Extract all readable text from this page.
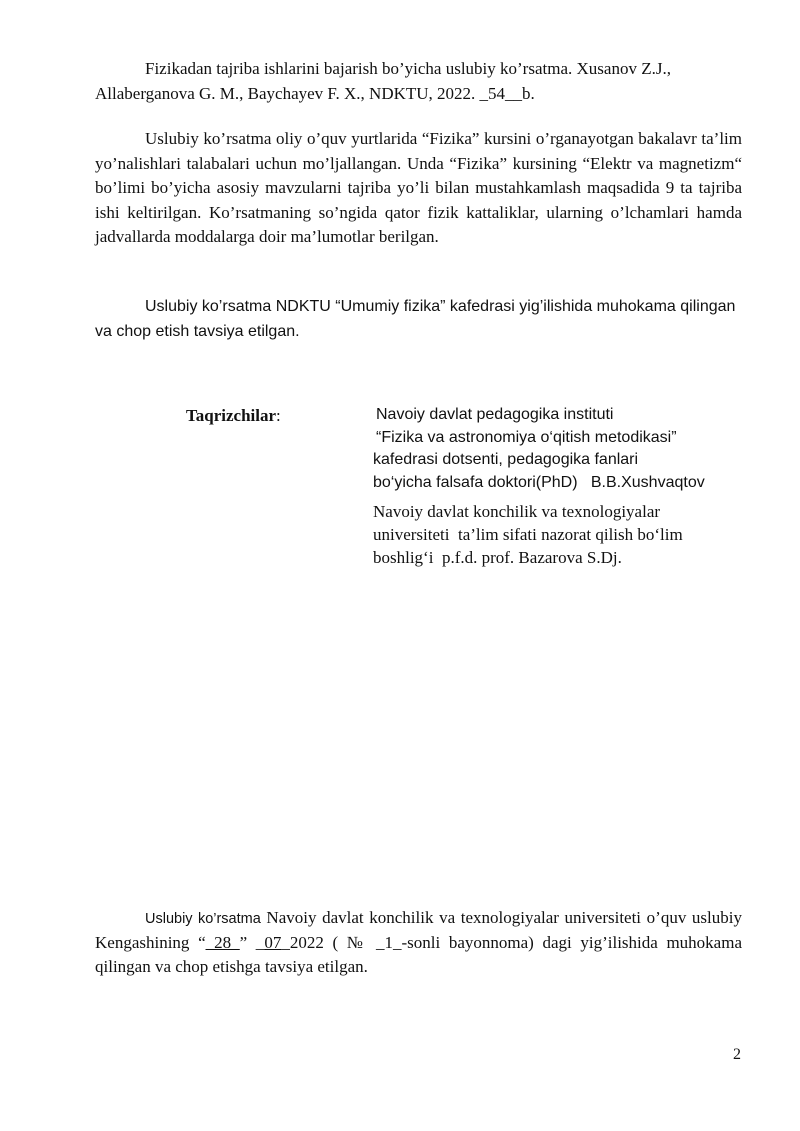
Fizikadan tajriba ishlarini bajarish bo’yicha uslubiy ko’rsatma. Xusanov Z.J., Allaberganova G. M., Baychayev F. X., NDKTU, 2022. _54__b.

Uslubiy ko’rsatma oliy o’quv yurtlarida “Fizika” kursini o’rganayotgan bakalavr ta’lim yo’nalishlari talabalari uchun mo’ljallangan. Unda “Fizika” kursining “Elektr va magnetizm“ bo’limi bo’yicha asosiy mavzularni tajriba yo’li bilan mustahkamlash maqsadida 9 ta tajriba ishi keltirilgan. Ko’rsatmaning so’ngida qator fizik kattaliklar, ularning o’lchamlari hamda jadvallarda moddalarga doir ma’lumotlar berilgan.

Uslubiy ko’rsatma NDKTU “Umumiy fizika” kafedrasi yig’ilishida muhokama qilingan va chop etish tavsiya etilgan.

Taqrizchilar:	Navoiy davlat pedagogika instituti
“Fizika va astronomiya o‘qitish metodikasi”
kafedrasi dotsenti, pedagogika fanlari
bo‘yicha falsafa doktori(PhD)   B.B.Xushvaqtov
Navoiy davlat konchilik va texnologiyalar
universiteti  ta’lim sifati nazorat qilish bo‘lim
boshlig‘i  p.f.d. prof. Bazarova S.Dj.

Uslubiy ko’rsatma Navoiy davlat konchilik va texnologiyalar universiteti o’quv uslubiy Kengashining “_28_” _07_2022 ( № _1_-sonli bayonnoma) dagi yig’ilishida muhokama qilingan va chop etishga tavsiya etilgan.

2
